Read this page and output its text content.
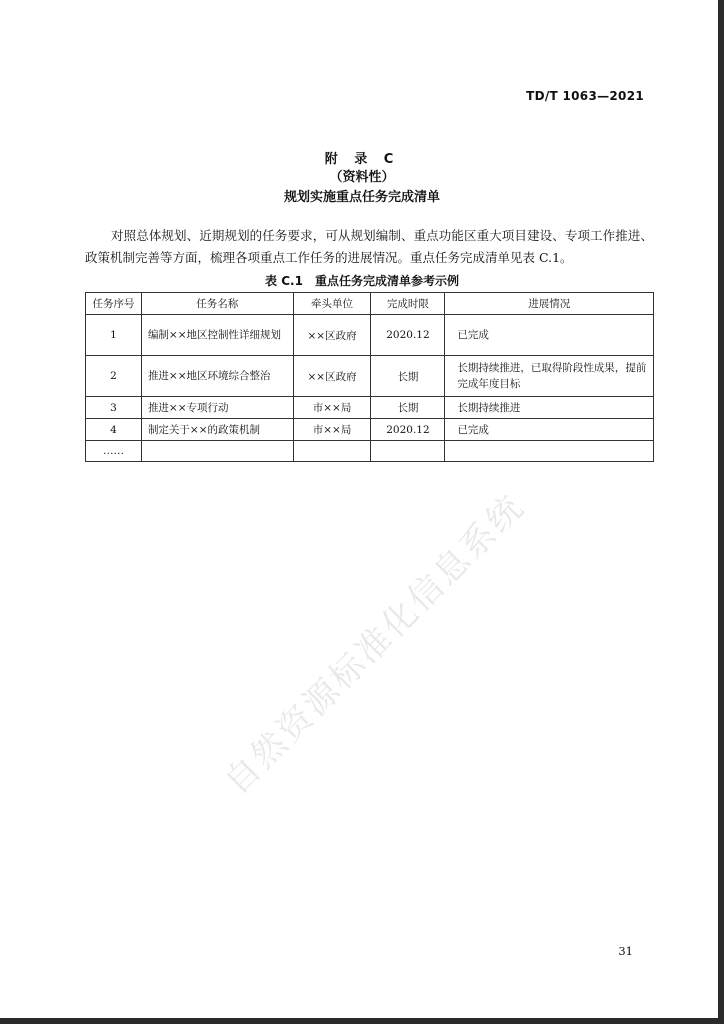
TD/T 1063—2021
附 录 C
（资料性）
规划实施重点任务完成清单
对照总体规划、近期规划的任务要求，可从规划编制、重点功能区重大项目建设、专项工作推进、政策机制完善等方面，梳理各项重点工作任务的进展情况。重点任务完成清单见表 C.1。
表 C.1　重点任务完成清单参考示例
任务序号	任务名称	牵头单位	完成时限	进展情况
1	编制××地区控制性详细规划	××区政府	2020.12	已完成
2	推进××地区环境综合整治	××区政府	长期	长期持续推进，已取得阶段性成果，提前完成年度目标
3	推进××专项行动	市××局	长期	长期持续推进
4	制定关于××的政策机制	市××局	2020.12	已完成
……				
自然资源标准化信息系统
31
